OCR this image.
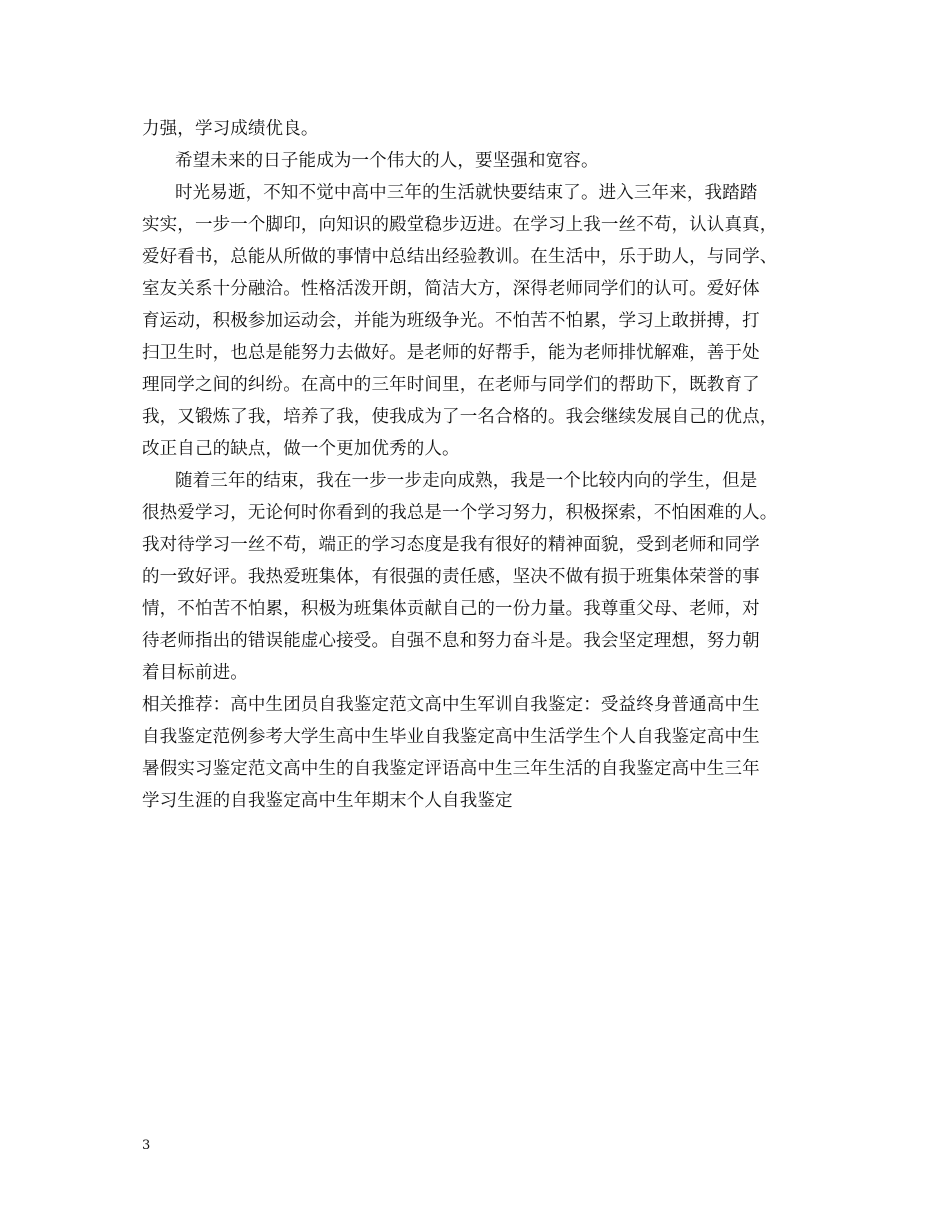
力强，学习成绩优良。
希望未来的日子能成为一个伟大的人，要坚强和宽容。
时光易逝，不知不觉中高中三年的生活就快要结束了。进入三年来，我踏踏
实实，一步一个脚印，向知识的殿堂稳步迈进。在学习上我一丝不苟，认认真真，
爱好看书，总能从所做的事情中总结出经验教训。在生活中，乐于助人，与同学、
室友关系十分融洽。性格活泼开朗，简洁大方，深得老师同学们的认可。爱好体
育运动，积极参加运动会，并能为班级争光。不怕苦不怕累，学习上敢拼搏，打
扫卫生时，也总是能努力去做好。是老师的好帮手，能为老师排忧解难，善于处
理同学之间的纠纷。在高中的三年时间里，在老师与同学们的帮助下，既教育了
我，又锻炼了我，培养了我，使我成为了一名合格的。我会继续发展自己的优点，
改正自己的缺点，做一个更加优秀的人。
随着三年的结束，我在一步一步走向成熟，我是一个比较内向的学生，但是
很热爱学习，无论何时你看到的我总是一个学习努力，积极探索，不怕困难的人。
我对待学习一丝不苟，端正的学习态度是我有很好的精神面貌，受到老师和同学
的一致好评。我热爱班集体，有很强的责任感，坚决不做有损于班集体荣誉的事
情，不怕苦不怕累，积极为班集体贡献自己的一份力量。我尊重父母、老师，对
待老师指出的错误能虚心接受。自强不息和努力奋斗是。我会坚定理想，努力朝
着目标前进。
相关推荐：高中生团员自我鉴定范文高中生军训自我鉴定：受益终身普通高中生
自我鉴定范例参考大学生高中生毕业自我鉴定高中生活学生个人自我鉴定高中生
暑假实习鉴定范文高中生的自我鉴定评语高中生三年生活的自我鉴定高中生三年
学习生涯的自我鉴定高中生年期末个人自我鉴定
3
